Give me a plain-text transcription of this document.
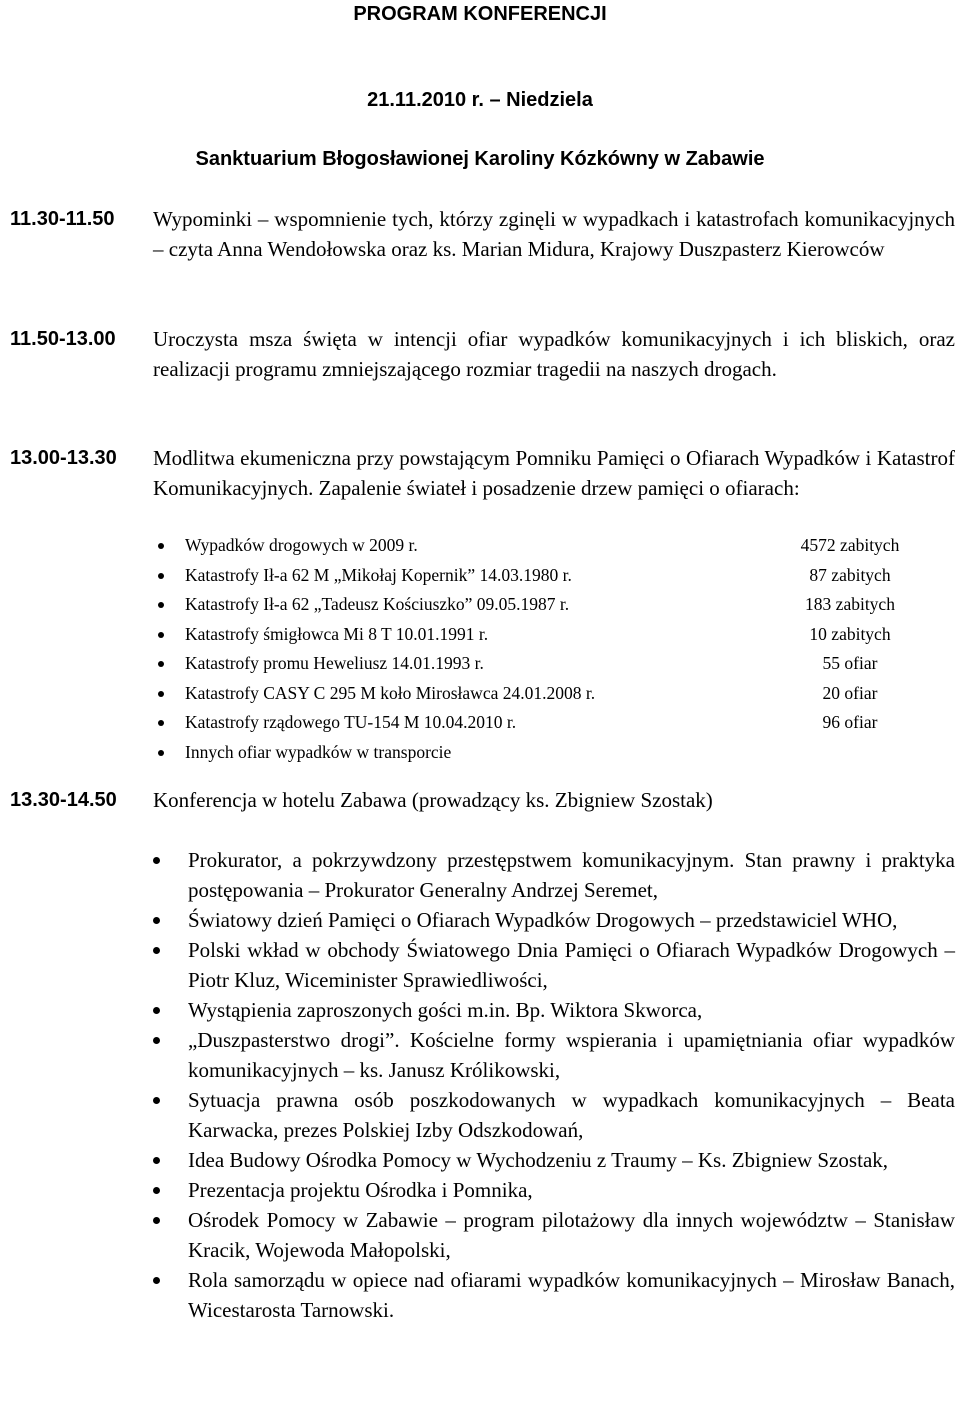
PROGRAM KONFERENCJI
21.11.2010 r. – Niedziela
Sanktuarium Błogosławionej Karoliny Kózkówny w Zabawie
11.30-11.50 Wypominki – wspomnienie tych, którzy zginęli w wypadkach i katastrofach komunikacyjnych – czyta Anna Wendołowska oraz ks. Marian Midura, Krajowy Duszpasterz Kierowców

11.50-13.00 Uroczysta msza święta w intencji ofiar wypadków komunikacyjnych i ich bliskich, oraz realizacji programu zmniejszającego rozmiar tragedii na naszych drogach.

13.00-13.30 Modlitwa ekumeniczna przy powstającym Pomniku Pamięci o Ofiarach Wypadków i Katastrof Komunikacyjnych. Zapalenie świateł i posadzenie drzew pamięci o ofiarach:

Wypadków drogowych w 2009 r.	4572 zabitych
Katastrofy Ił-a 62 M „Mikołaj Kopernik” 14.03.1980 r.	87 zabitych
Katastrofy Ił-a 62 „Tadeusz Kościuszko” 09.05.1987 r.	183 zabitych
Katastrofy śmigłowca Mi 8 T 10.01.1991 r.	10 zabitych
Katastrofy promu Heweliusz 14.01.1993 r.	55 ofiar
Katastrofy CASY C 295 M koło Mirosławca 24.01.2008 r.	20 ofiar
Katastrofy rządowego TU-154 M 10.04.2010 r.	96 ofiar
Innych ofiar wypadków w transporcie
13.30-14.50 Konferencja w hotelu Zabawa (prowadzący ks. Zbigniew Szostak)
Prokurator, a pokrzywdzony przestępstwem komunikacyjnym. Stan prawny i praktyka postępowania – Prokurator Generalny Andrzej Seremet,
Światowy dzień Pamięci o Ofiarach Wypadków Drogowych – przedstawiciel WHO,
Polski wkład w obchody Światowego Dnia Pamięci o Ofiarach Wypadków Drogowych – Piotr Kluz, Wiceminister Sprawiedliwości,
Wystąpienia zaproszonych gości m.in. Bp. Wiktora Skworca,
„Duszpasterstwo drogi”. Kościelne formy wspierania i upamiętniania ofiar wypadków komunikacyjnych – ks. Janusz Królikowski,
Sytuacja prawna osób poszkodowanych w wypadkach komunikacyjnych – Beata Karwacka, prezes Polskiej Izby Odszkodowań,
Idea Budowy Ośrodka Pomocy w Wychodzeniu z Traumy – Ks. Zbigniew Szostak,
Prezentacja projektu Ośrodka i Pomnika,
Ośrodek Pomocy w Zabawie – program pilotażowy dla innych województw – Stanisław Kracik, Wojewoda Małopolski,
Rola samorządu w opiece nad ofiarami wypadków komunikacyjnych – Mirosław Banach, Wicestarosta Tarnowski.
